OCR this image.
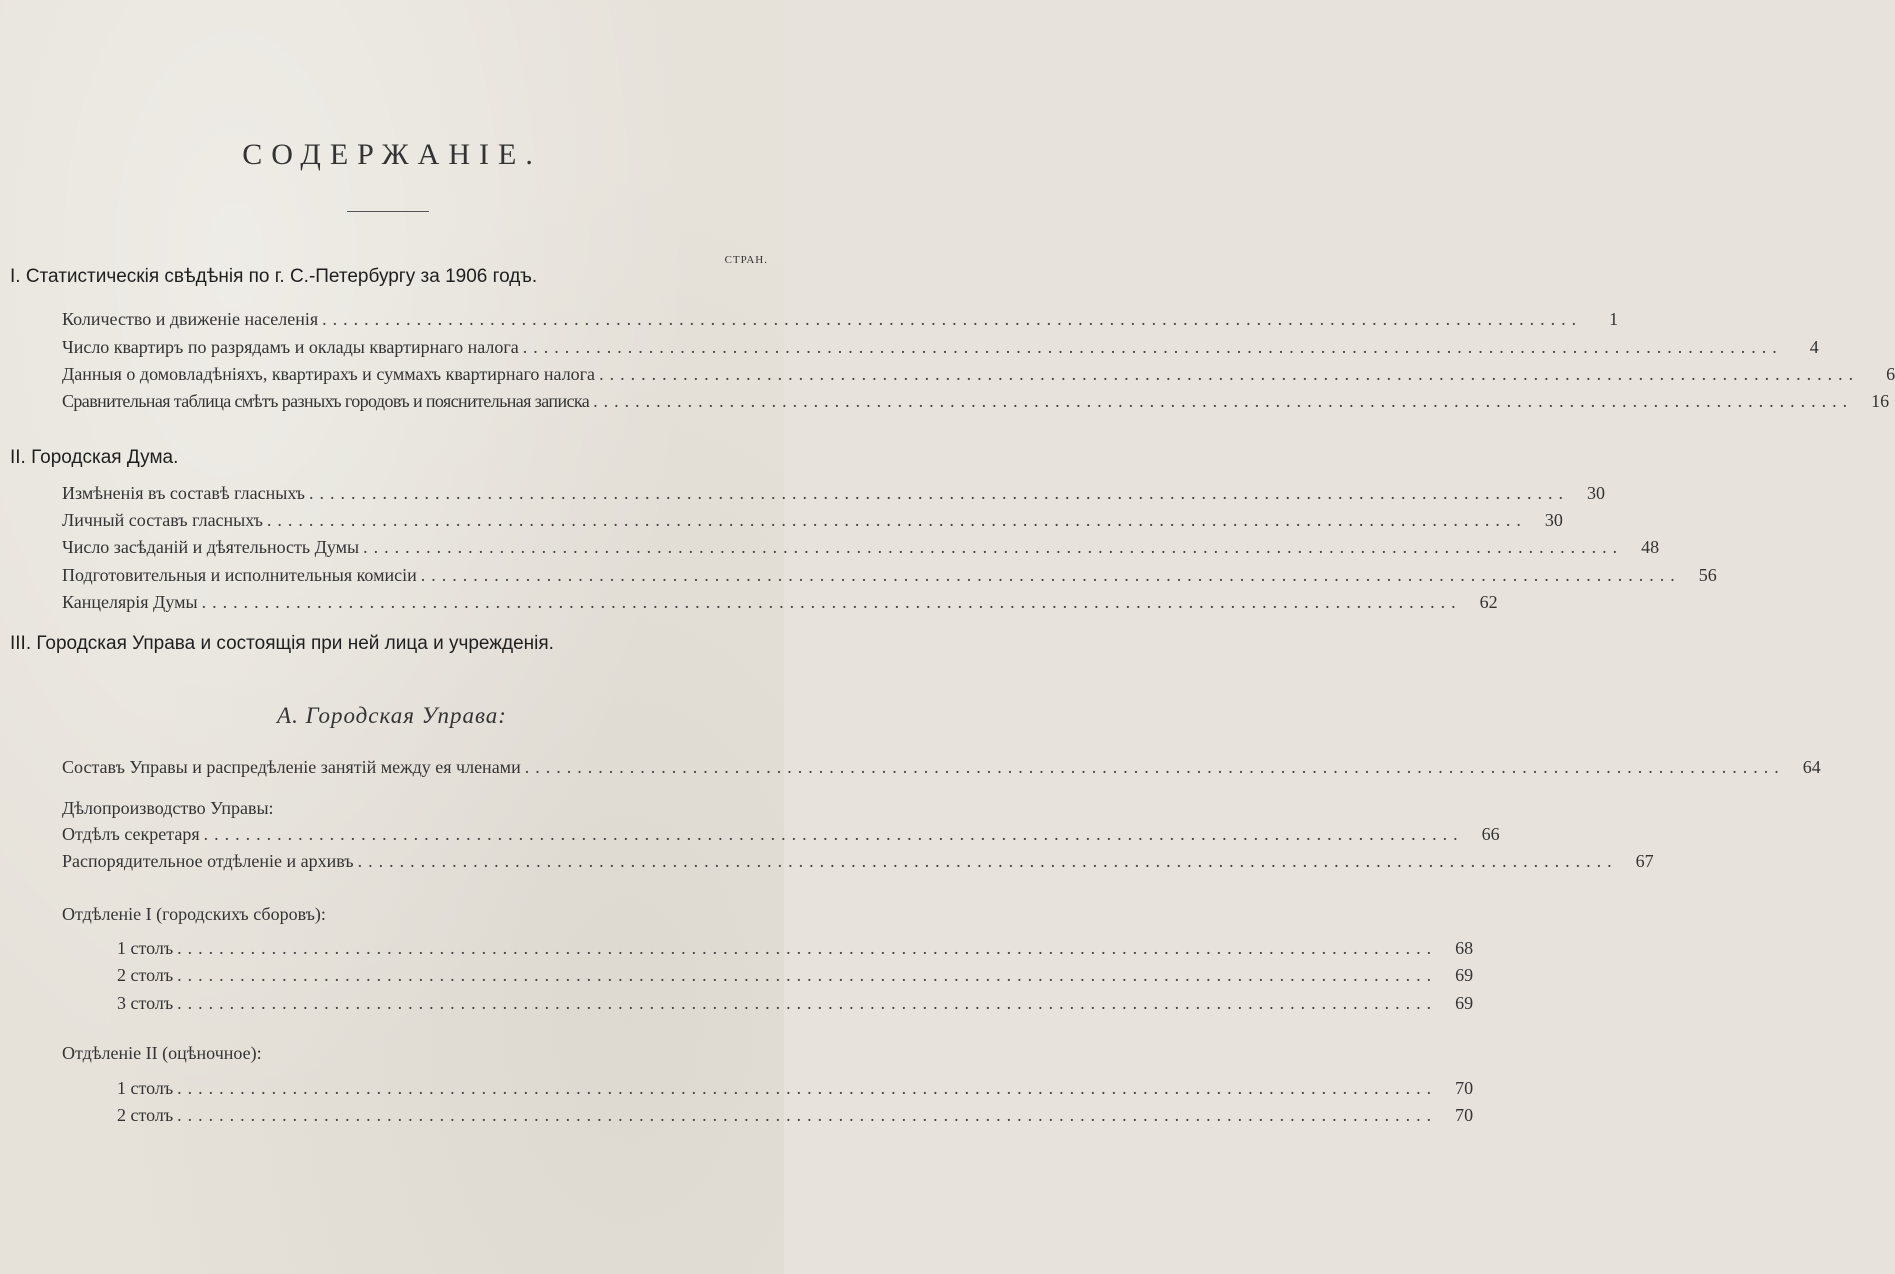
СОДЕРЖАНІЕ.
СТРАН.
I. Статистическія свѣдѣнія по г. С.-Петербургу за 1906 годъ.
Количество и движеніе населенія ........................................................................................................................	1
Число квартиръ по разрядамъ и оклады квартирнаго налога ........................................................................................................................	4
Данныя о домовладѣніяхъ, квартирахъ и суммахъ квартирнаго налога ........................................................................................................................	6
Сравнительная таблица смѣтъ разныхъ городовъ и пояснительная записка ........................................................................................................................	16
II. Городская Дума.
Измѣненія въ составѣ гласныхъ ........................................................................................................................	30
Личный составъ гласныхъ ........................................................................................................................	30
Число засѣданій и дѣятельность Думы ........................................................................................................................	48
Подготовительныя и исполнительныя комисіи ........................................................................................................................	56
Канцелярія Думы ........................................................................................................................	62
III. Городская Управа и состоящія при ней лица и учрежденія.
А. Городская Управа:
Составъ Управы и распредѣленіе занятій между ея членами ........................................................................................................................	64
Дѣлопроизводство Управы:
Отдѣлъ секретаря ........................................................................................................................	66
Распорядительное отдѣленіе и архивъ ........................................................................................................................	67
Отдѣленіе I (городскихъ сборовъ):
1 столъ ........................................................................................................................	68
2 столъ ........................................................................................................................	69
3 столъ ........................................................................................................................	69
Отдѣленіе II (оцѣночное):
1 столъ ........................................................................................................................	70
2 столъ ........................................................................................................................	70
